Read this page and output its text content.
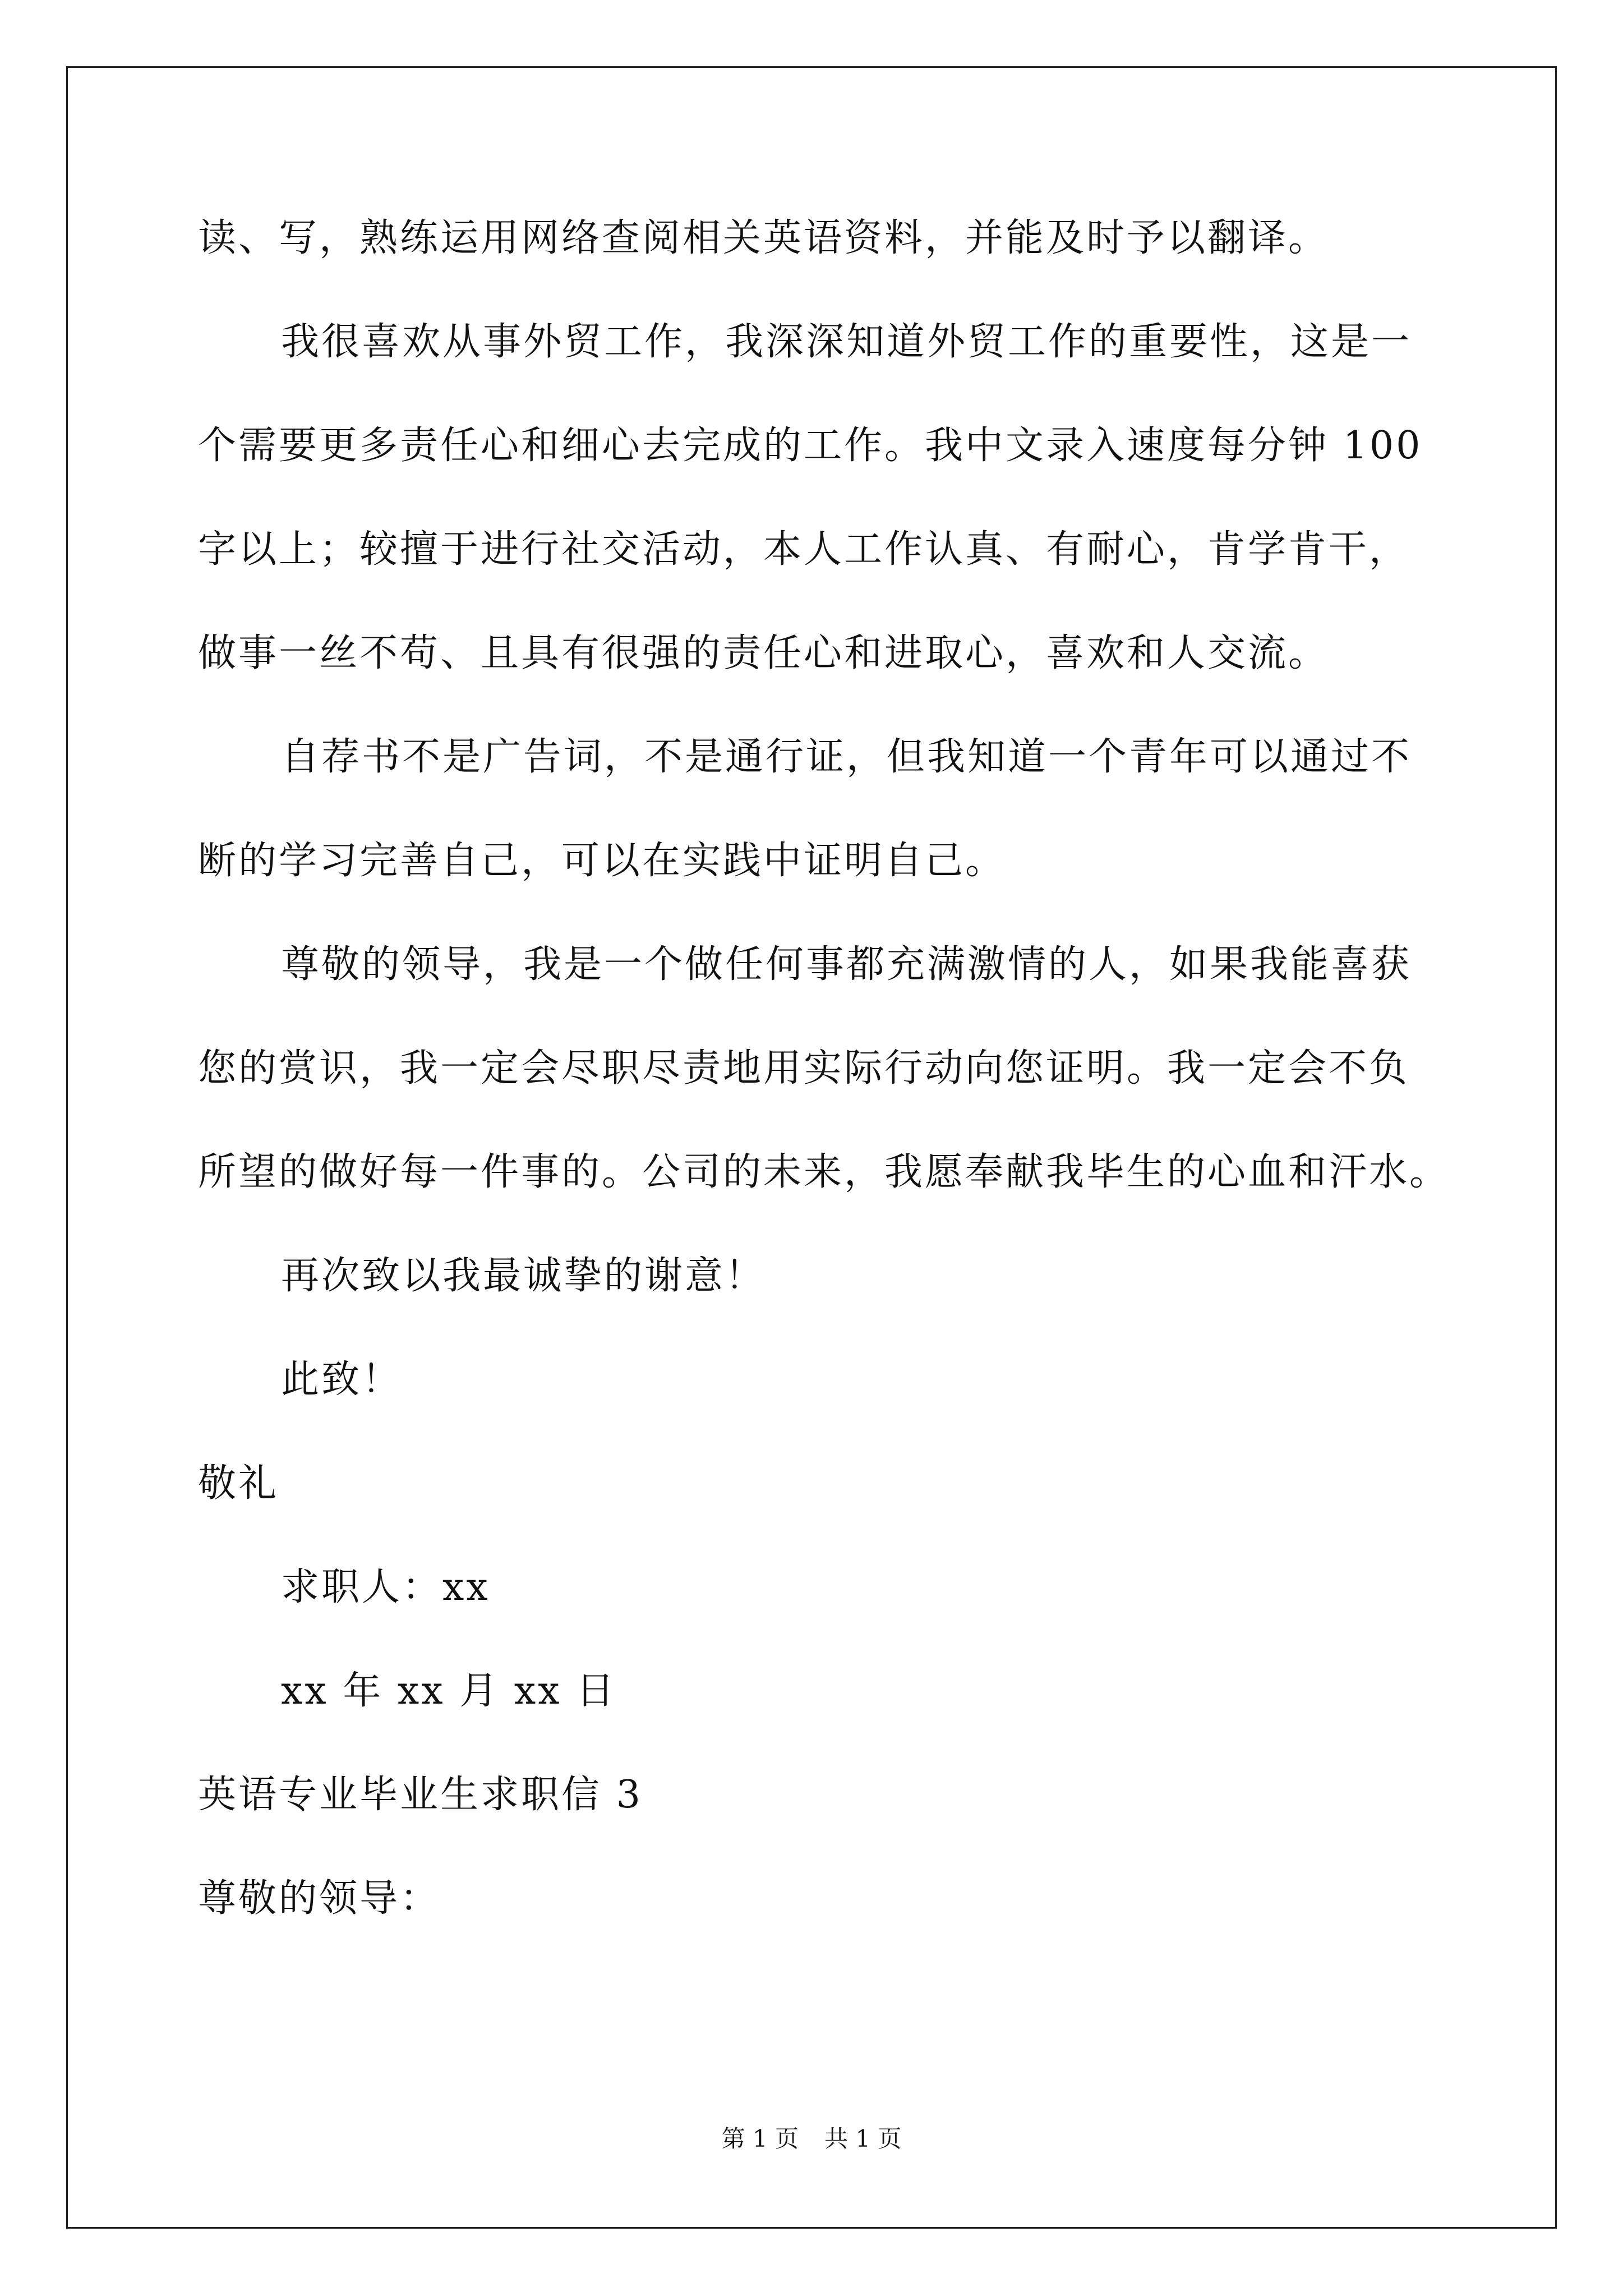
读、写，熟练运用网络查阅相关英语资料，并能及时予以翻译。
我很喜欢从事外贸工作，我深深知道外贸工作的重要性，这是一
个需要更多责任心和细心去完成的工作。我中文录入速度每分钟 100
字以上；较擅于进行社交活动，本人工作认真、有耐心，肯学肯干，
做事一丝不苟、且具有很强的责任心和进取心，喜欢和人交流。
自荐书不是广告词，不是通行证，但我知道一个青年可以通过不
断的学习完善自己，可以在实践中证明自己。
尊敬的领导，我是一个做任何事都充满激情的人，如果我能喜获
您的赏识，我一定会尽职尽责地用实际行动向您证明。我一定会不负
所望的做好每一件事的。公司的未来，我愿奉献我毕生的心血和汗水。
再次致以我最诚挚的谢意！
此致！
敬礼
求职人：xx
xx 年 xx 月 xx 日
英语专业毕业生求职信 3
尊敬的领导：
第 1 页 共 1 页
